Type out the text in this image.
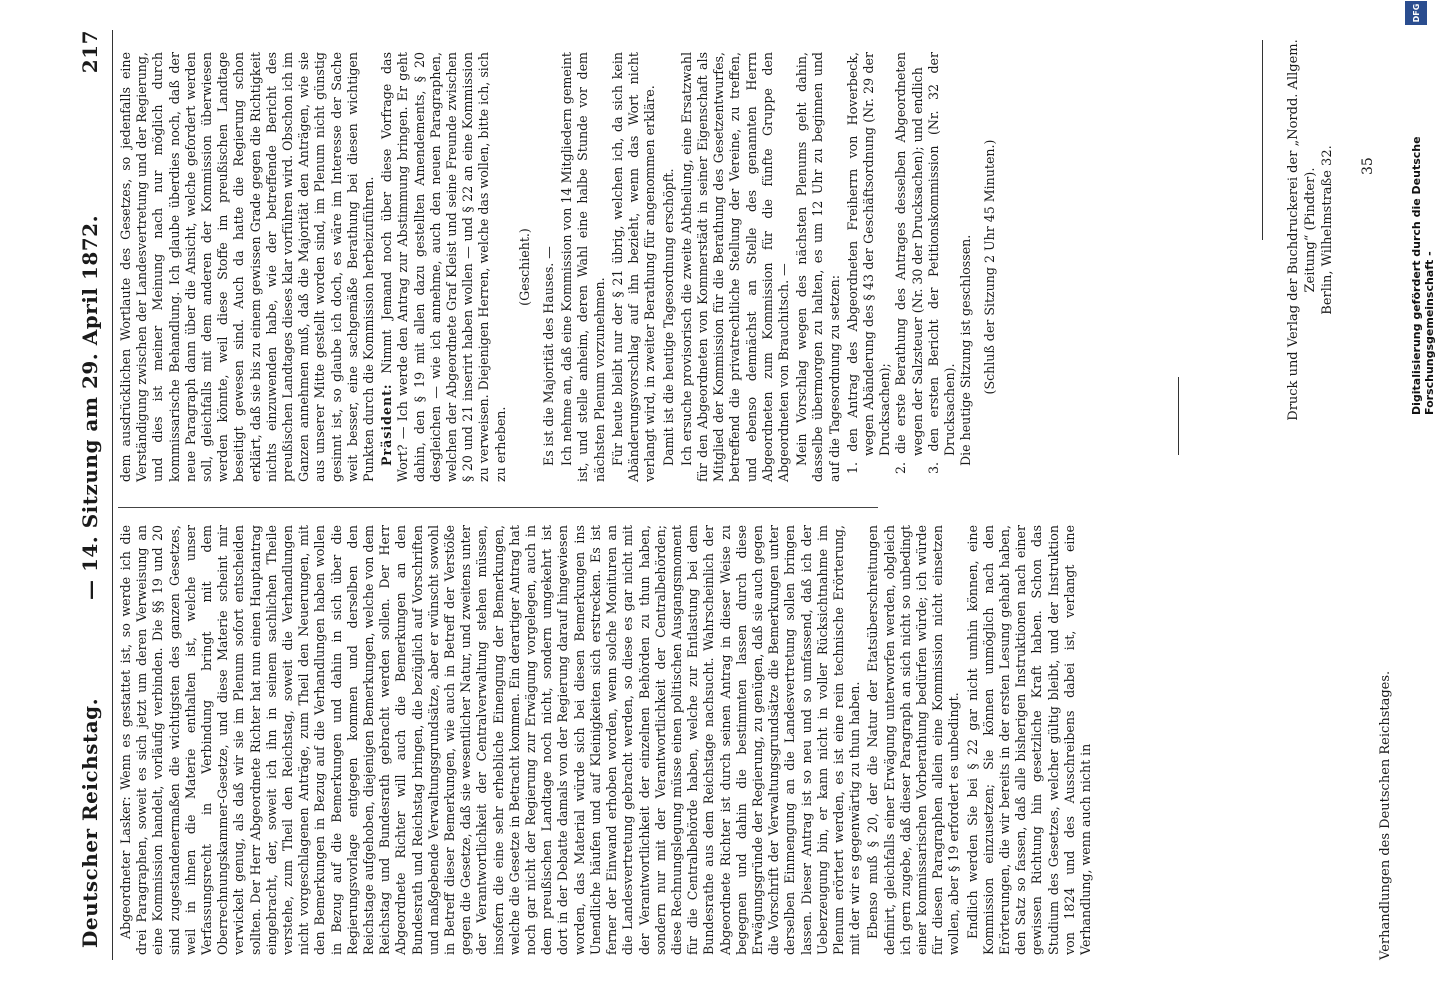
Deutscher Reichstag.
— 14. Sitzung am 29. April 1872.
217

Abgeordneter Lasker: Wenn es gestattet ist, so werde ich die drei Paragraphen, soweit es sich jetzt um deren Verweisung an eine Kommission handelt, vorläufig verbinden. Die §§ 19 und 20 sind zugestandenermaßen die wichtigsten des ganzen Gesetzes, weil in ihnen die Materie enthalten ist, welche unser Verfassungsrecht in Verbindung bringt mit dem Oberrechnungskammer-Gesetze, und diese Materie scheint mir verwickelt genug, als daß wir sie im Plenum sofort entscheiden sollten. Der Herr Abgeordnete Richter hat nun einen Hauptantrag eingebracht, der, soweit ich ihn in seinem sachlichen Theile verstehe, zum Theil den Reichstag, soweit die Verhandlungen nicht vorgeschlagenen Anträge, zum Theil den Neuerungen, mit den Bemerkungen in Bezug auf die Verhandlungen haben wollen in Bezug auf die Bemerkungen und dahin in sich über die Regierungsvorlage entgegen kommen und derselben den Reichstage aufgehoben, diejenigen Bemerkungen, welche von dem Reichstag und Bundesrath gebracht werden sollen. Der Herr Abgeordnete Richter will auch die Bemerkungen an den Bundesrath und Reichstag bringen, die bezüglich auf Vorschriften und maßgebende Verwaltungsgrundsätze, aber er wünscht sowohl in Betreff dieser Bemerkungen, wie auch in Betreff der Verstöße gegen die Gesetze, daß sie wesentlicher Natur, und zweitens unter der Verantwortlichkeit der Centralverwaltung stehen müssen, insofern die eine sehr erhebliche Einengung der Bemerkungen, welche die Gesetze in Betracht kommen. Ein derartiger Antrag hat noch gar nicht der Regierung zur Erwägung vorgelegen, auch in dem preußischen Landtage noch nicht, sondern umgekehrt ist dort in der Debatte damals von der Regierung darauf hingewiesen worden, das Material würde sich bei diesen Bemerkungen ins Unendliche häufen und auf Kleinigkeiten sich erstrecken. Es ist ferner der Einwand erhoben worden, wenn solche Monituren an die Landesvertretung gebracht werden, so diese es gar nicht mit der Verantwortlichkeit der einzelnen Behörden zu thun haben, sondern nur mit der Verantwortlichkeit der Centralbehörden; diese Rechnungslegung müsse einen politischen Ausgangsmoment für die Centralbehörde haben, welche zur Entlastung bei dem Bundesrathe aus dem Reichstage nachsucht. Wahrscheinlich der Abgeordnete Richter ist durch seinen Antrag in dieser Weise zu begegnen und dahin die bestimmten lassen durch diese Erwägungsgründe der Regierung, zu genügen, daß sie auch gegen die Vorschrift der Verwaltungsgrundsätze die Bemerkungen unter derselben Einmengung an die Landesvertretung sollen bringen lassen. Dieser Antrag ist so neu und so umfassend, daß ich der Ueberzeugung bin, er kann nicht in voller Rücksichtnahme im Plenum erörtert werden, es ist eine rein technische Erörterung, mit der wir es gegenwärtig zu thun haben. Ebenso muß § 20, der die Natur der Etatsüberschreitungen definirt, gleichfalls einer Erwägung unterworfen werden, obgleich ich gern zugebe, daß dieser Paragraph an sich nicht so unbedingt einer kommissarischen Vorberathung bedürfen würde; ich würde für diesen Paragraphen allein eine Kommission nicht einsetzen wollen, aber § 19 erfordert es unbedingt. Endlich werden Sie bei § 22 gar nicht umhin können, eine Kommission einzusetzen; Sie können unmöglich nach den Erörterungen, die wir bereits in der ersten Lesung gehabt haben, den Satz so fassen, daß alle bisherigen Instruktionen nach einer gewissen Richtung hin gesetzliche Kraft haben. Schon das Studium des Gesetzes, welcher gültig bleibt, und der Instruktion von 1824 und des Ausschreibens dabei ist, verlangt eine Verhandlung, wenn auch nicht in

dem ausdrücklichen Wortlaute des Gesetzes, so jedenfalls eine Verständigung zwischen der Landesvertretung und der Regierung, und dies ist meiner Meinung nach nur möglich durch kommissarische Behandlung. Ich glaube überdies noch, daß der neue Paragraph dann über die Ansicht, welche gefordert werden soll, gleichfalls mit dem anderen der Kommission überwiesen werden könnte, weil diese Stoffe im preußischen Landtage beseitigt gewesen sind. Auch da hatte die Regierung schon erklärt, daß sie bis zu einem gewissen Grade gegen die Richtigkeit nichts einzuwenden habe, wie der betreffende Bericht des preußischen Landtages dieses klar vorführen wird. Obschon ich im Ganzen annehmen muß, daß die Majorität den Anträgen, wie sie aus unserer Mitte gestellt worden sind, im Plenum nicht günstig gesinnt ist, so glaube ich doch, es wäre im Interesse der Sache weit besser, eine sachgemäße Berathung bei diesen wichtigen Punkten durch die Kommission herbeizuführen. Präsident: Nimmt Jemand noch über diese Vorfrage das Wort? — Ich werde den Antrag zur Abstimmung bringen. Er geht dahin, den § 19 mit allen dazu gestellten Amendements, § 20 desgleichen — wie ich annehme, auch den neuen Paragraphen, welchen der Abgeordnete Graf Kleist und seine Freunde zwischen § 20 und 21 inserirt haben wollen — und § 22 an eine Kommission zu verweisen. Diejenigen Herren, welche das wollen, bitte ich, sich zu erheben.

(Geschieht.) Es ist die Majorität des Hauses. — Ich nehme an, daß eine Kommission von 14 Mitgliedern gemeint ist, und stelle anheim, deren Wahl eine halbe Stunde vor dem nächsten Plenum vorzunehmen. Für heute bleibt nur der § 21 übrig, welchen ich, da sich kein Abänderungsvorschlag auf ihn bezieht, wenn das Wort nicht verlangt wird, in zweiter Berathung für angenommen erkläre. Damit ist die heutige Tagesordnung erschöpft. Ich ersuche provisorisch die zweite Abtheilung, eine Ersatzwahl für den Abgeordneten von Kommerstädt in seiner Eigenschaft als Mitglied der Kommission für die Berathung des Gesetzentwurfes, betreffend die privatrechtliche Stellung der Vereine, zu treffen, und ebenso demnächst an Stelle des genannten Herrn Abgeordneten zum Kommission für die fünfte Gruppe den Abgeordneten von Brauchitsch. — Mein Vorschlag wegen des nächsten Plenums geht dahin, dasselbe übermorgen zu halten, es um 12 Uhr zu beginnen und auf die Tagesordnung zu setzen: 1. den Antrag des Abgeordneten Freiherrn von Hoverbeck, wegen Abänderung des § 43 der Geschäftsordnung (Nr. 29 der Drucksachen); 2. die erste Berathung des Antrages desselben Abgeordneten wegen der Salzsteuer (Nr. 30 der Drucksachen); und endlich 3. den ersten Bericht der Petitionskommission (Nr. 32 der Drucksachen). Die heutige Sitzung ist geschlossen. (Schluß der Sitzung 2 Uhr 45 Minuten.)	Druck und Verlag der Buchdruckerei der „Nordd. Allgem. Zeitung“ (Pindter). Berlin, Wilhelmstraße 32. 35
Verhandlungen des Deutschen Reichstages.
Digitalisierung gefördert durch die Deutsche Forschungsgemeinschaft -
DFG
